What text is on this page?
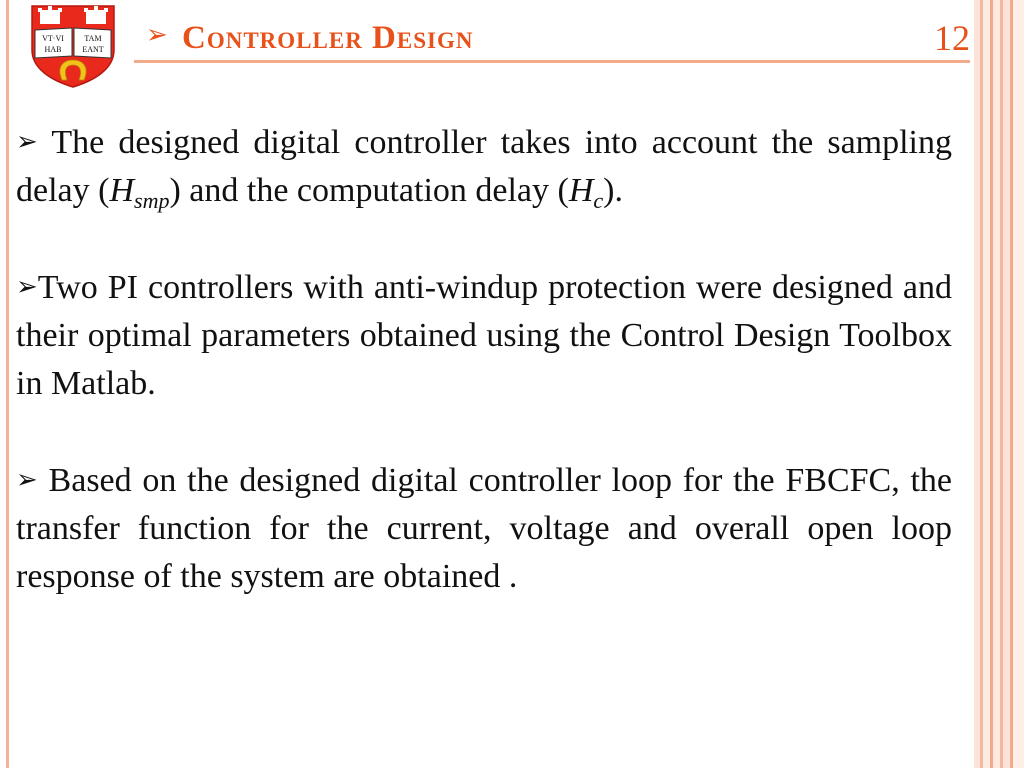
VT·VI
HAB
TAM
EANT ➢ Controller Design	12

➢ The designed digital controller takes into account the sampling delay $(H_{smp})$ and the computation delay $(H_c)$.

➢Two PI controllers with anti-windup protection were designed and their optimal parameters obtained using the Control Design Toolbox in Matlab.

➢ Based on the designed digital controller loop for the FBCFC, the transfer function for the current, voltage and overall open loop response of the system are obtained .
